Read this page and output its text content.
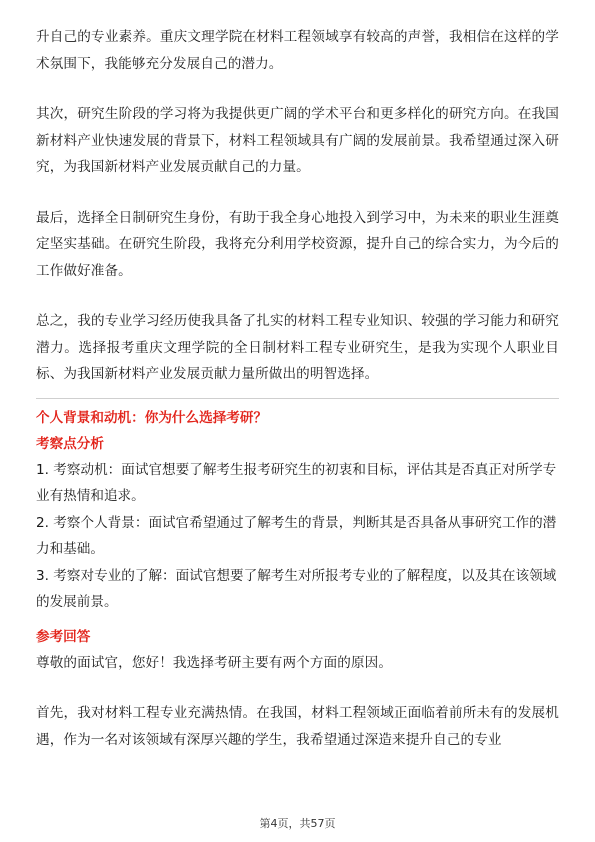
升自己的专业素养。重庆文理学院在材料工程领域享有较高的声誉，我相信在这样的学术氛围下，我能够充分发展自己的潜力。

其次，研究生阶段的学习将为我提供更广阔的学术平台和更多样化的研究方向。在我国新材料产业快速发展的背景下，材料工程领域具有广阔的发展前景。我希望通过深入研究，为我国新材料产业发展贡献自己的力量。

最后，选择全日制研究生身份，有助于我全身心地投入到学习中，为未来的职业生涯奠定坚实基础。在研究生阶段，我将充分利用学校资源，提升自己的综合实力，为今后的工作做好准备。

总之，我的专业学习经历使我具备了扎实的材料工程专业知识、较强的学习能力和研究潜力。选择报考重庆文理学院的全日制材料工程专业研究生，是我为实现个人职业目标、为我国新材料产业发展贡献力量所做出的明智选择。

个人背景和动机：你为什么选择考研？

考察点分析

1. 考察动机：面试官想要了解考生报考研究生的初衷和目标，评估其是否真正对所学专业有热情和追求。

2. 考察个人背景：面试官希望通过了解考生的背景，判断其是否具备从事研究工作的潜力和基础。

3. 考察对专业的了解：面试官想要了解考生对所报考专业的了解程度，以及其在该领域的发展前景。

参考回答

尊敬的面试官，您好！我选择考研主要有两个方面的原因。

首先，我对材料工程专业充满热情。在我国，材料工程领域正面临着前所未有的发展机遇，作为一名对该领域有深厚兴趣的学生，我希望通过深造来提升自己的专业

第4页，共57页
